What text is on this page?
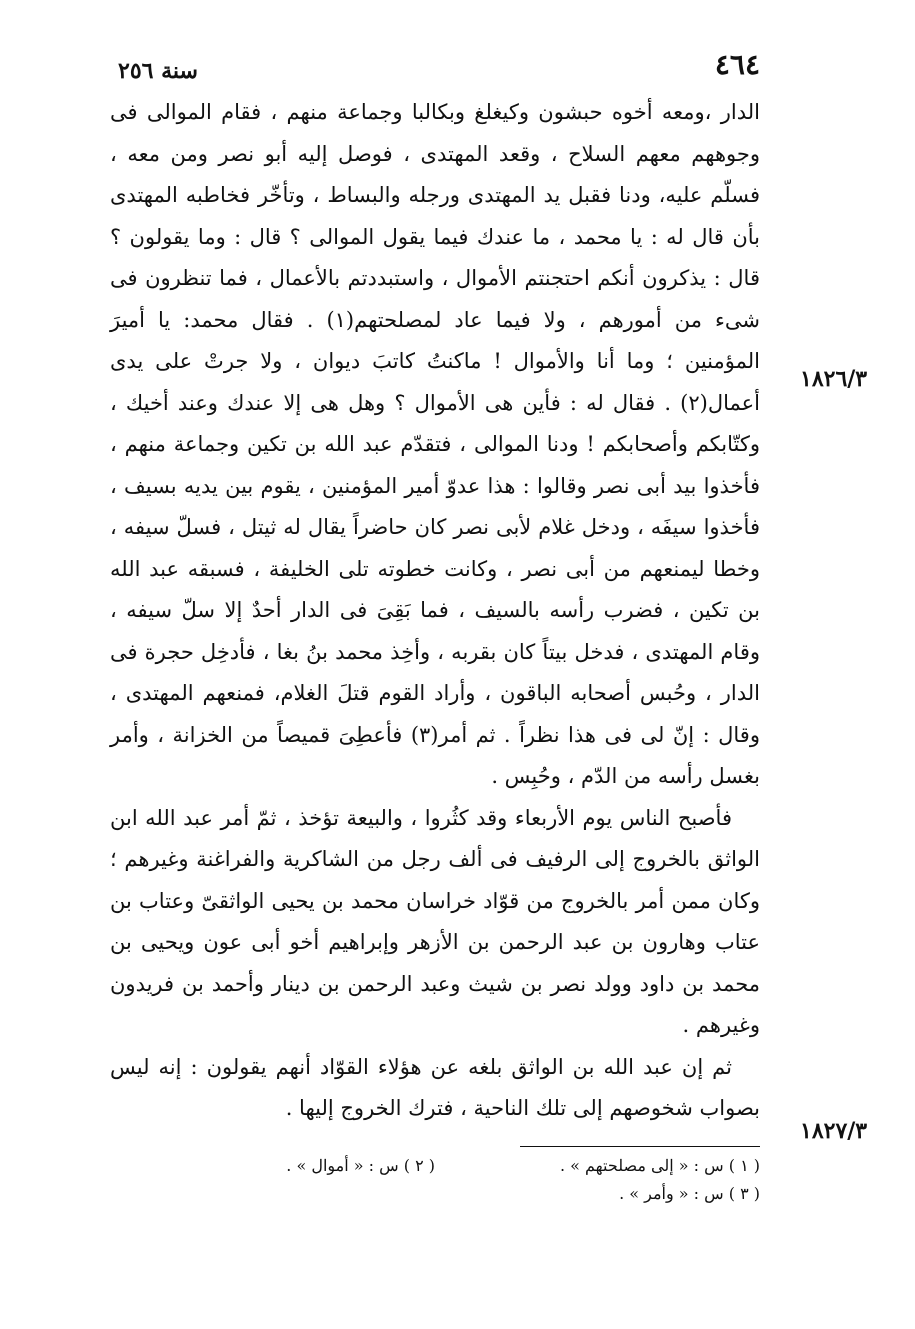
٤٦٤
سنة ٢٥٦

الدار ،ومعه أخوه حبشون وكيغلغ وبكالبا وجماعة منهم ، فقام الموالى فى وجوههم معهم السلاح ، وقعد المهتدى ، فوصل إليه أبو نصر ومن معه ، فسلّم عليه، ودنا فقبل يد المهتدى ورجله والبساط ، وتأخّر فخاطبه المهتدى بأن قال له : يا محمد ، ما عندك فيما يقول الموالى ؟ قال : وما يقولون ؟ قال : يذكرون أنكم احتجنتم الأموال ، واستبددتم بالأعمال ، فما تنظرون فى شىء من أمورهم ، ولا فيما عاد لمصلحتهم(١) . فقال محمد: يا أميرَ المؤمنين ؛ وما أنا والأموال ! ماكنتُ كاتبَ ديوان ، ولا جرتْ على يدى أعمال(٢) . فقال له : فأين هى الأموال ؟ وهل هى إلا عندك وعند أخيك ، وكتّابكم وأصحابكم ! ودنا الموالى ، فتقدّم عبد الله بن تكين وجماعة منهم ، فأخذوا بيد أبى نصر وقالوا : هذا عدوّ أمير المؤمنين ، يقوم بين يديه بسيف ، فأخذوا سيفَه ، ودخل غلام لأبى نصر كان حاضراً يقال له ثيتل ، فسلّ سيفه ، وخطا ليمنعهم من أبى نصر ، وكانت خطوته تلى الخليفة ، فسبقه عبد الله بن تكين ، فضرب رأسه بالسيف ، فما بَقِىَ فى الدار أحدٌ إلا سلّ سيفه ، وقام المهتدى ، فدخل بيتاً كان بقربه ، وأخِذ محمد بنُ بغا ، فأدخِل حجرة فى الدار ، وحُبس أصحابه الباقون ، وأراد القوم قتلَ الغلام، فمنعهم المهتدى ، وقال : إنّ لى فى هذا نظراً . ثم أمر(٣) فأعطِىَ قميصاً من الخزانة ، وأمر بغسل رأسه من الدّم ، وحُبِس .

فأصبح الناس يوم الأربعاء وقد كثُروا ، والبيعة تؤخذ ، ثمّ أمر عبد الله ابن الواثق بالخروج إلى الرفيف فى ألف رجل من الشاكرية والفراغنة وغيرهم ؛ وكان ممن أمر بالخروج من قوّاد خراسان محمد بن يحيى الواثقىّ وعتاب بن عتاب وهارون بن عبد الرحمن بن الأزهر وإبراهيم أخو أبى عون ويحيى بن محمد بن داود وولد نصر بن شيث وعبد الرحمن بن دينار وأحمد بن فريدون وغيرهم .

ثم إن عبد الله بن الواثق بلغه عن هؤلاء القوّاد أنهم يقولون : إنه ليس بصواب شخوصهم إلى تلك الناحية ، فترك الخروج إليها .

١٨٢٦/٣
١٨٢٧/٣
( ١ ) س : « إلى مصلحتهم » .
( ٢ ) س : « أموال » .
( ٣ ) س : « وأمر » .
